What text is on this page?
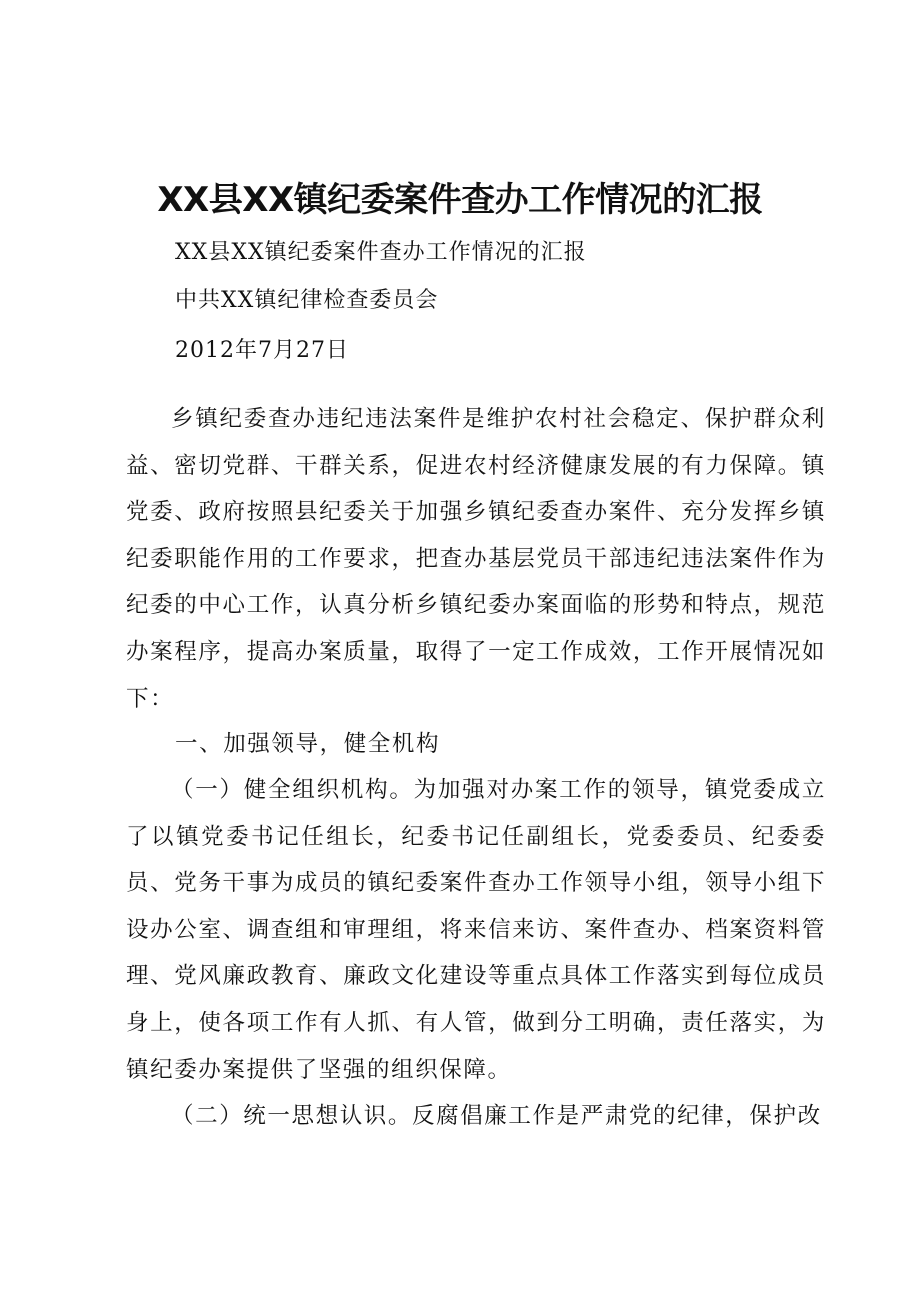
XX县XX镇纪委案件查办工作情况的汇报
XX县XX镇纪委案件查办工作情况的汇报
中共XX镇纪律检查委员会
2012年7月27日
乡镇纪委查办违纪违法案件是维护农村社会稳定、保护群众利益、密切党群、干群关系，促进农村经济健康发展的有力保障。镇党委、政府按照县纪委关于加强乡镇纪委查办案件、充分发挥乡镇纪委职能作用的工作要求，把查办基层党员干部违纪违法案件作为纪委的中心工作，认真分析乡镇纪委办案面临的形势和特点，规范办案程序，提高办案质量，取得了一定工作成效，工作开展情况如下：
一、加强领导，健全机构
（一）健全组织机构。为加强对办案工作的领导，镇党委成立了以镇党委书记任组长，纪委书记任副组长，党委委员、纪委委员、党务干事为成员的镇纪委案件查办工作领导小组，领导小组下设办公室、调查组和审理组，将来信来访、案件查办、档案资料管理、党风廉政教育、廉政文化建设等重点具体工作落实到每位成员身上，使各项工作有人抓、有人管，做到分工明确，责任落实，为镇纪委办案提供了坚强的组织保障。
（二）统一思想认识。反腐倡廉工作是严肃党的纪律，保护改
